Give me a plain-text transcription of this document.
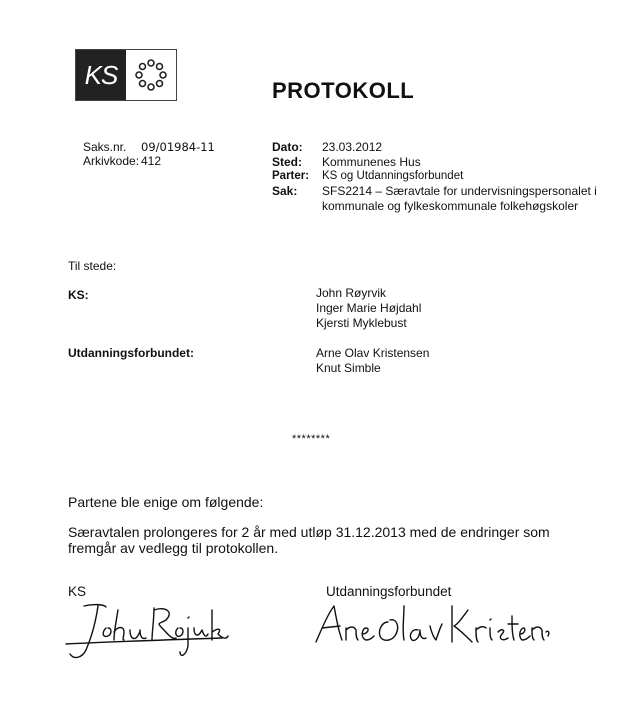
KS
PROTOKOLL
Saks.nr. 09/01984-11
Arkivkode: 412
Dato: 23.03.2012
Sted: Kommunenes Hus
Parter: KS og Utdanningsforbundet
Sak: SFS2214 – Særavtale for undervisningspersonalet i
kommunale og fylkeskommunale folkehøgskoler
Til stede:
KS:	John Røyrvik
Inger Marie Højdahl
Kjersti Myklebust
Utdanningsforbundet:	Arne Olav Kristensen
Knut Simble
********
Partene ble enige om følgende:
Særavtalen prolongeres for 2 år med utløp 31.12.2013 med de endringer som
fremgår av vedlegg til protokollen.
KS	Utdanningsforbundet
